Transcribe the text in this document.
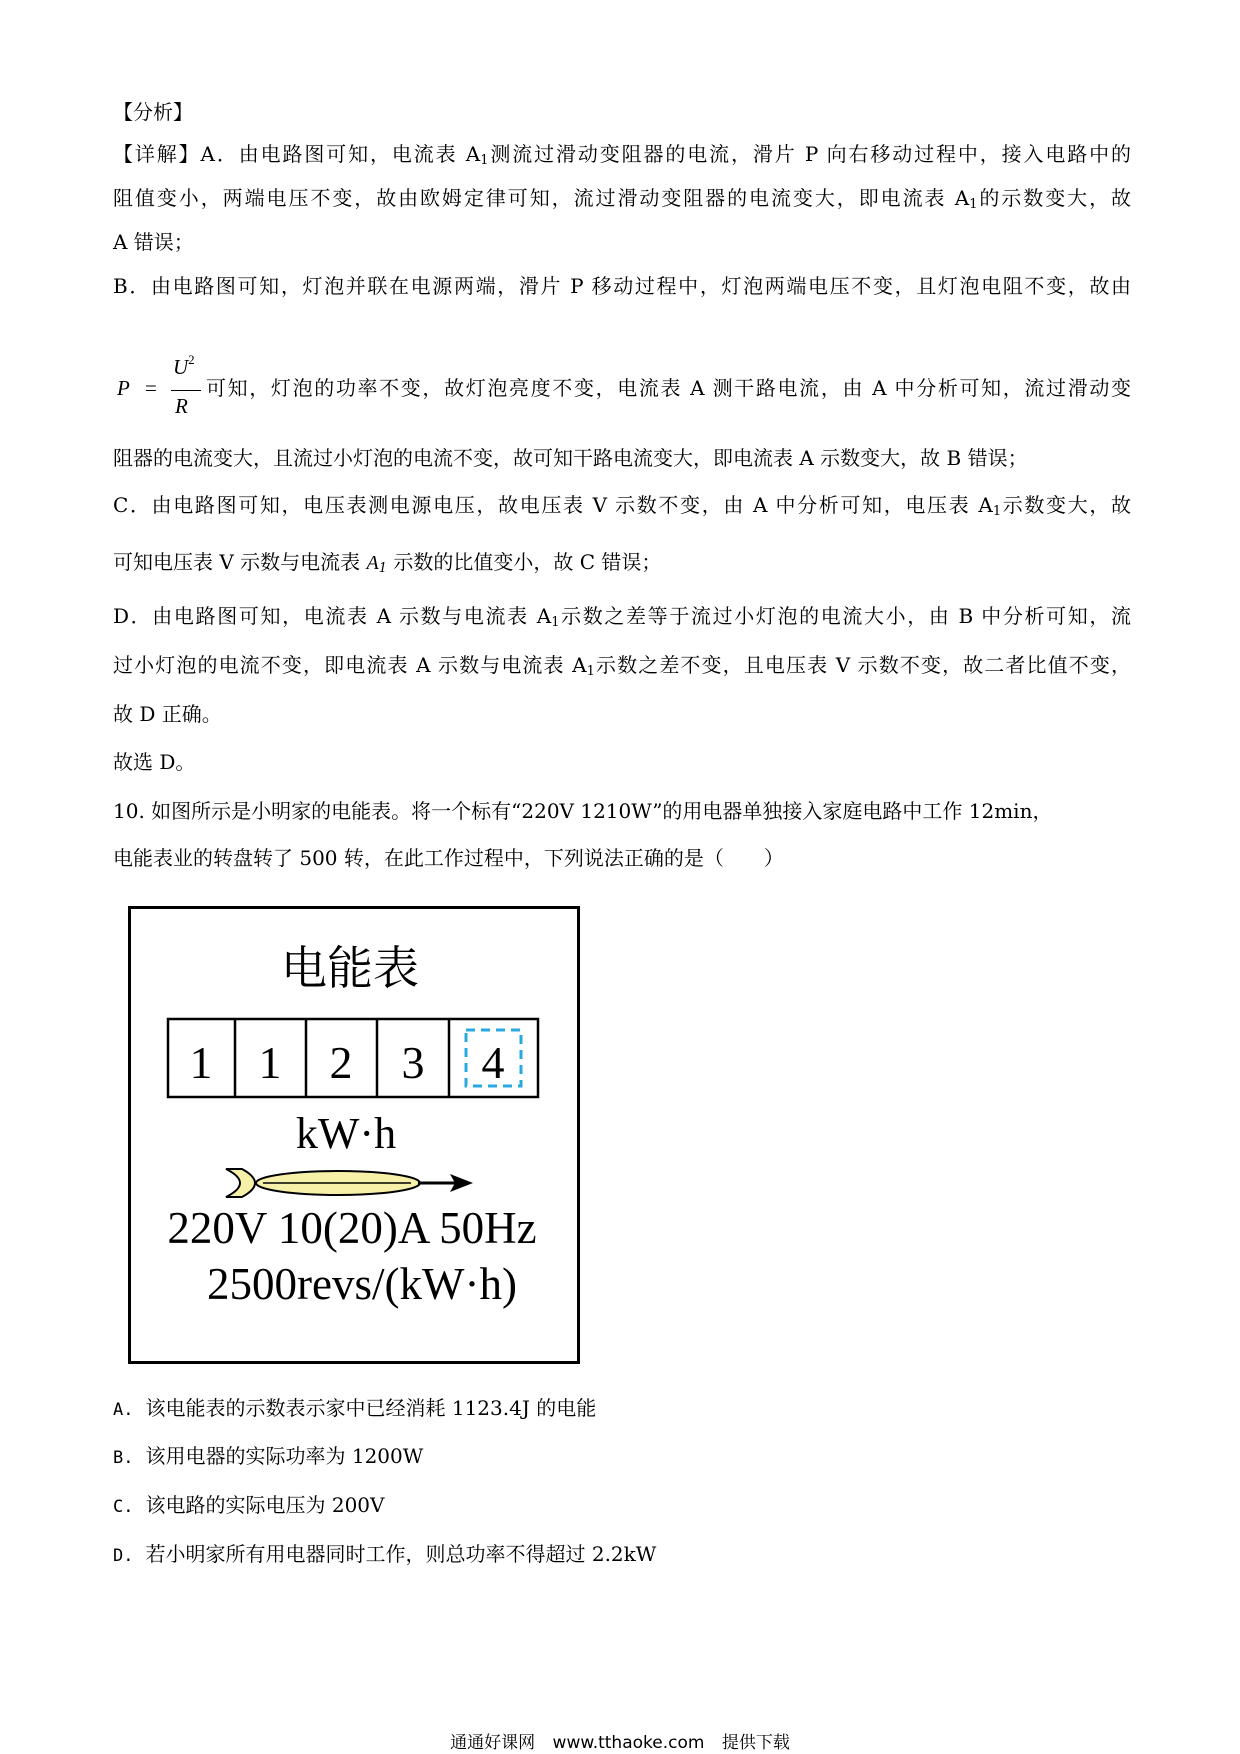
【分析】
【详解】A．由电路图可知，电流表 $A_1$测流过滑动变阻器的电流，滑片 P 向右移动过程中，接入电路中的
阻值变小，两端电压不变，故由欧姆定律可知，流过滑动变阻器的电流变大，即电流表 $A_1$的示数变大，故
A 错误；
B．由电路图可知，灯泡并联在电源两端，滑片 P 移动过程中，灯泡两端电压不变，且灯泡电阻不变，故由
P =
$U^2$
R
可知，灯泡的功率不变，故灯泡亮度不变，电流表 A 测干路电流，由 A 中分析可知，流过滑动变
阻器的电流变大，且流过小灯泡的电流不变，故可知干路电流变大，即电流表 A 示数变大，故 B 错误；
C．由电路图可知，电压表测电源电压，故电压表 V 示数不变，由 A 中分析可知，电压表 $A_1$示数变大，故
可知电压表 V 示数与电流表 $A_1$ 示数的比值变小，故 C 错误；
D．由电路图可知，电流表 A 示数与电流表 $A_1$示数之差等于流过小灯泡的电流大小，由 B 中分析可知，流
过小灯泡的电流不变，即电流表 A 示数与电流表 $A_1$示数之差不变，且电压表 V 示数不变，故二者比值不变，
故 D 正确。
故选 D。
10. 如图所示是小明家的电能表。将一个标有“220V 1210W”的用电器单独接入家庭电路中工作 12min，
电能表业的转盘转了 500 转，在此工作过程中，下列说法正确的是（　　）
电能表
1 1 2 3 4
kW·h
220V 10(20)A 50Hz
2500revs/(kW·h)
A. 该电能表的示数表示家中已经消耗 1123.4J 的电能
B. 该用电器的实际功率为 1200W
C. 该电路的实际电压为 200V
D. 若小明家所有用电器同时工作，则总功率不得超过 2.2kW
通通好课网 www.tthaoke.com 提供下载
